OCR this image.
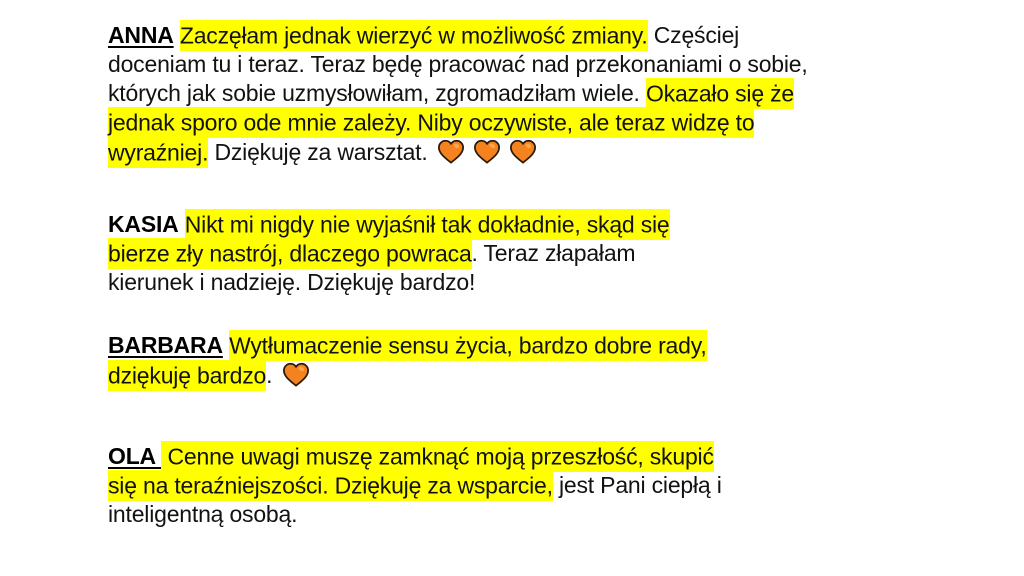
ANNA Zaczęłam jednak wierzyć w możliwość zmiany. Częściej
doceniam tu i teraz. Teraz będę pracować nad przekonaniami o sobie,
których jak sobie uzmysłowiłam, zgromadziłam wiele. Okazało się że
jednak sporo ode mnie zależy. Niby oczywiste, ale teraz widzę to
wyraźniej. Dziękuję za warsztat.

KASIA Nikt mi nigdy nie wyjaśnił tak dokładnie, skąd się
bierze zły nastrój, dlaczego powraca. Teraz złapałam
kierunek i nadzieję. Dziękuję bardzo!

BARBARA Wytłumaczenie sensu życia, bardzo dobre rady,
dziękuję bardzo.

OLA  Cenne uwagi muszę zamknąć moją przeszłość, skupić
się na teraźniejszości. Dziękuję za wsparcie, jest Pani ciepłą i
inteligentną osobą.
